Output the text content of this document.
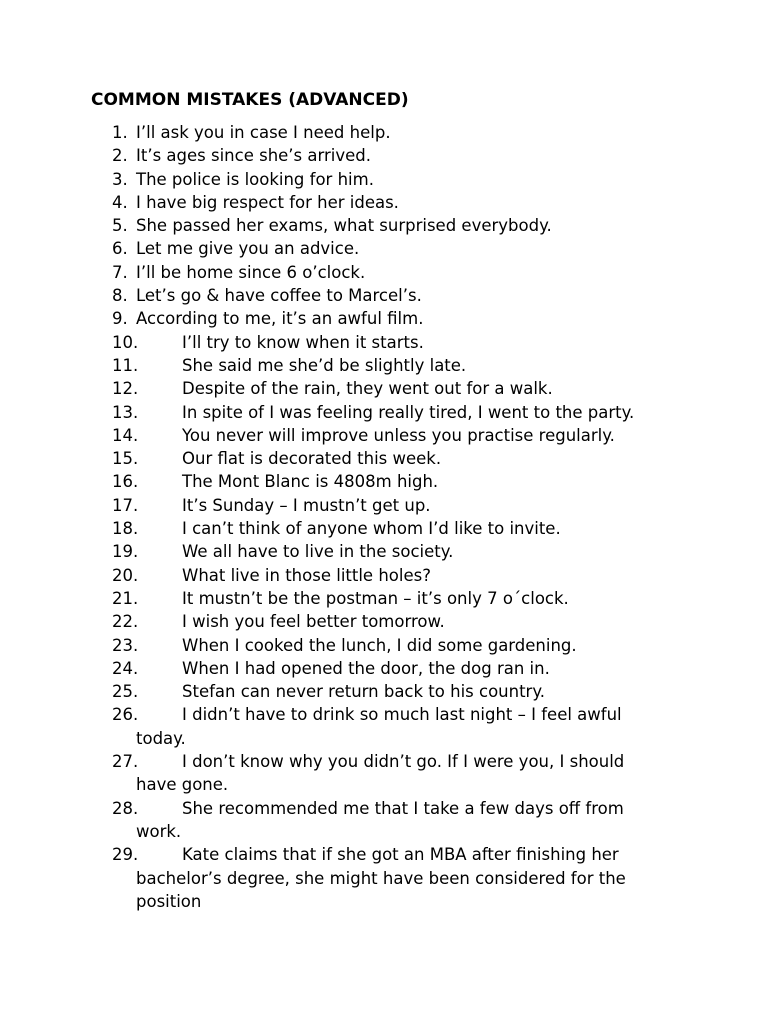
COMMON MISTAKES (ADVANCED)
1. I’ll ask you in case I need help.
2. It’s ages since she’s arrived.
3. The police is looking for him.
4. I have big respect for her ideas.
5. She passed her exams, what surprised everybody.
6. Let me give you an advice.
7. I’ll be home since 6 o’clock.
8. Let’s go & have coffee to Marcel’s.
9. According to me, it’s an awful film.
10.	I’ll try to know when it starts.
11.	She said me she’d be slightly late.
12.	Despite of the rain, they went out for a walk.
13.	In spite of I was feeling really tired, I went to the party.
14.	You never will improve unless you practise regularly.
15.	Our flat is decorated this week.
16.	The Mont Blanc is 4808m high.
17.	It’s Sunday – I mustn’t get up.
18.	I can’t think of anyone whom I’d like to invite.
19.	We all have to live in the society.
20.	What live in those little holes?
21.	It mustn’t be the postman – it’s only 7 o´clock.
22.	I wish you feel better tomorrow.
23.	When I cooked the lunch, I did some gardening.
24.	When I had opened the door, the dog ran in.
25.	Stefan can never return back to his country.
26.	I didn’t have to drink so much last night – I feel awful
today.
27.	I don’t know why you didn’t go. If I were you, I should
have gone.
28.	She recommended me that I take a few days off from
work.
29.	Kate claims that if she got an MBA after finishing her
bachelor’s degree, she might have been considered for the
position
